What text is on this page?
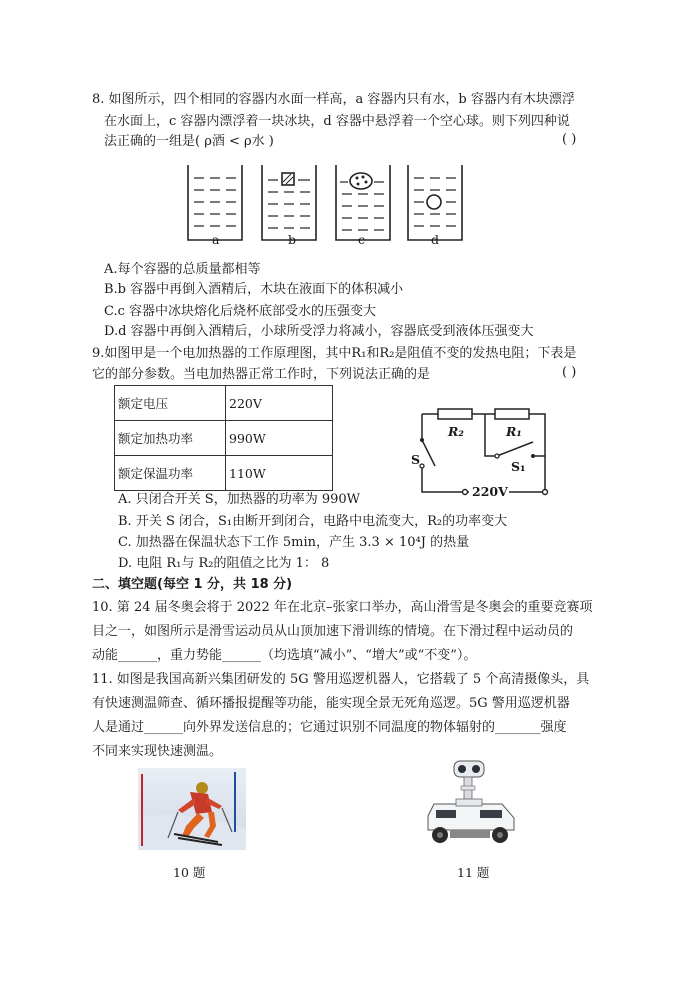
8. 如图所示，四个相同的容器内水面一样高，a 容器内只有水，b 容器内有木块漂浮
在水面上，c 容器内漂浮着一块冰块，d 容器中悬浮着一个空心球。则下列四种说
法正确的一组是( ρ酒 < ρ水 )	( )
a	b	c	d
A.每个容器的总质量都相等
B.b 容器中再倒入酒精后，木块在液面下的体积减小
C.c 容器中冰块熔化后烧杯底部受水的压强变大
D.d 容器中再倒入酒精后，小球所受浮力将减小，容器底受到液体压强变大
9.如图甲是一个电加热器的工作原理图，其中R₁和R₂是阻值不变的发热电阻；下表是
它的部分参数。当电加热器正常工作时，下列说法正确的是	( )
额定电压	220V
额定加热功率	990W
额定保温功率	110W
R₂	R₁
S	S₁
220V
A. 只闭合开关 S，加热器的功率为 990W
B. 开关 S 闭合，S₁由断开到闭合，电路中电流变大，R₂的功率变大
C. 加热器在保温状态下工作 5min，产生 3.3 × 10⁴J 的热量
D. 电阻 R₁与 R₂的阻值之比为 1： 8
二、填空题(每空 1 分，共 18 分)
10. 第 24 届冬奥会将于 2022 年在北京–张家口举办，高山滑雪是冬奥会的重要竞赛项
目之一，如图所示是滑雪运动员从山顶加速下滑训练的情境。在下滑过程中运动员的
动能______，重力势能______（均选填“减小”、“增大”或“不变”）。
11. 如图是我国高新兴集团研发的 5G 警用巡逻机器人，它搭载了 5 个高清摄像头，具
有快速测温筛查、循环播报提醒等功能，能实现全景无死角巡逻。5G 警用巡逻机器
人是通过______向外界发送信息的；它通过识别不同温度的物体辐射的_______强度
不同来实现快速测温。
10 题	11 题
